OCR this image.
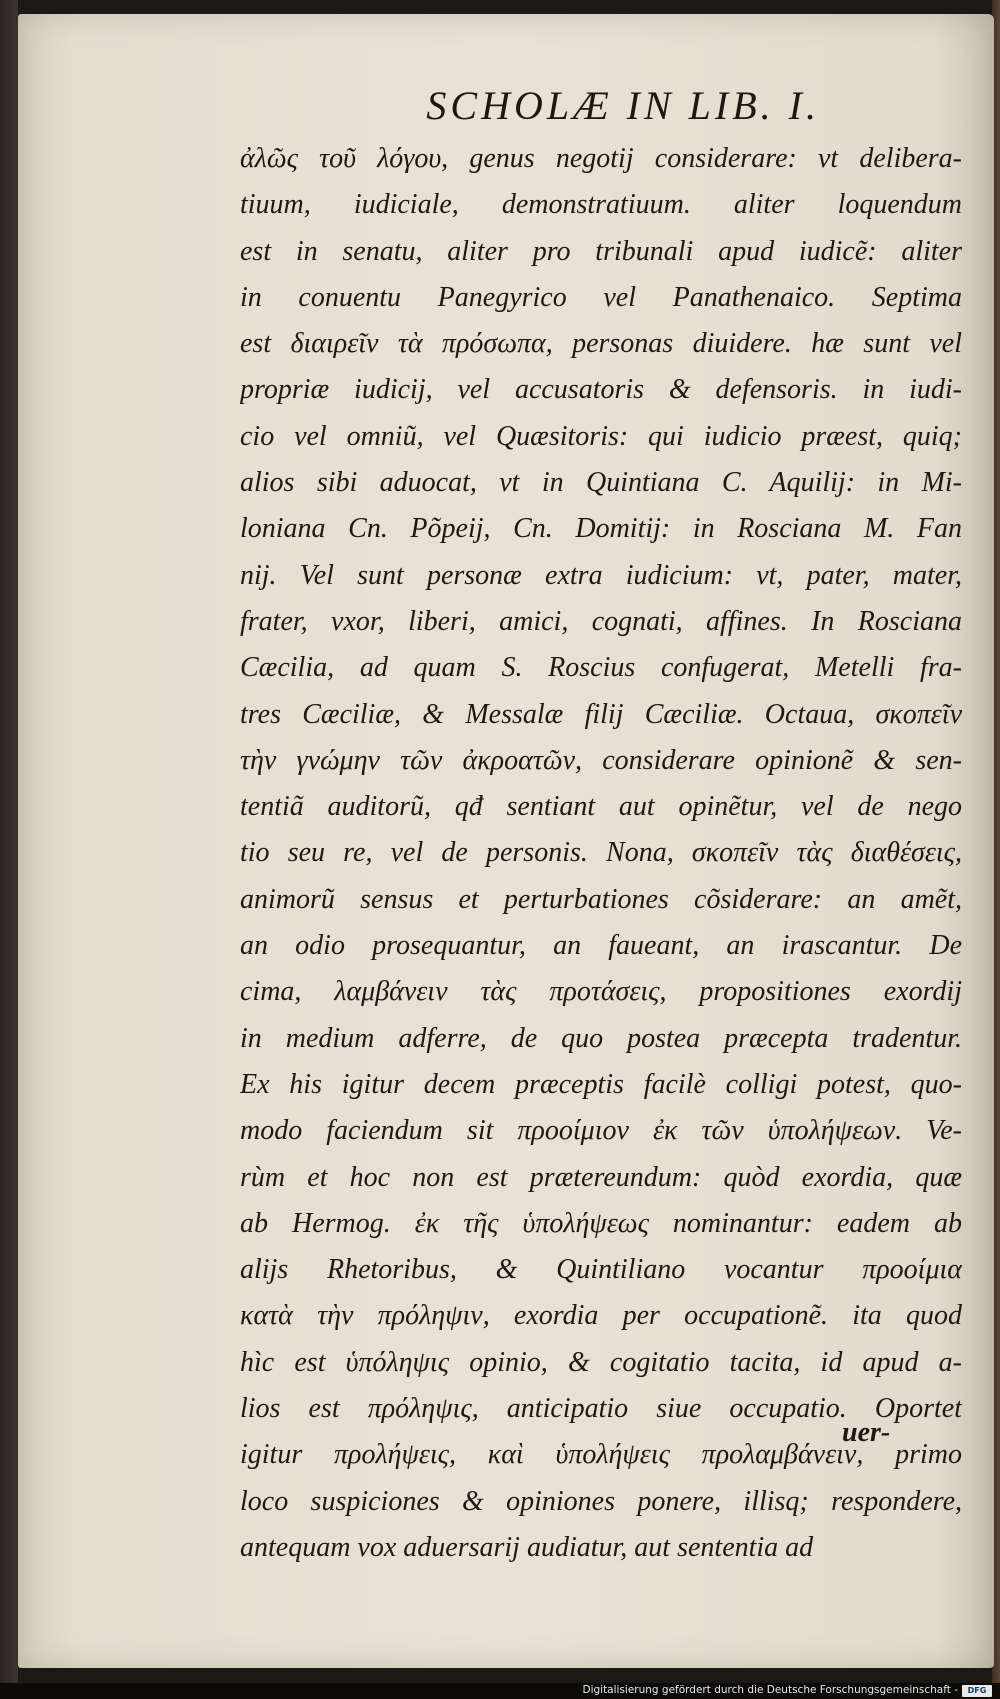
SCHOLÆ IN LIB. I.
ἀλῶς τοῦ λόγου, genus negotij considerare: vt delibera-
tiuum, iudiciale, demonstratiuum. aliter loquendum
est in senatu, aliter pro tribunali apud iudicẽ: aliter
in conuentu Panegyrico vel Panathenaico. Septima
est διαιρεῖν τὰ πρόσωπα, personas diuidere. hæ sunt vel
propriæ iudicij, vel accusatoris & defensoris. in iudi-
cio vel omniũ, vel Quæsitoris: qui iudicio præest, quiq;
alios sibi aduocat, vt in Quintiana C. Aquilij: in Mi-
loniana Cn. Põpeij, Cn. Domitij: in Rosciana M. Fan
nij. Vel sunt personæ extra iudicium: vt, pater, mater,
frater, vxor, liberi, amici, cognati, affines. In Rosciana
Cæcilia, ad quam S. Roscius confugerat, Metelli fra-
tres Cæciliæ, & Messalæ filij Cæciliæ. Octaua, σκοπεῖν
τὴν γνώμην τῶν ἀκροατῶν, considerare opinionẽ & sen-
tentiã auditorũ, qđ sentiant aut opinẽtur, vel de nego
tio seu re, vel de personis. Nona, σκοπεῖν τὰς διαθέσεις,
animorũ sensus et perturbationes cõsiderare: an amẽt,
an odio prosequantur, an faueant, an irascantur. De
cima, λαμβάνειν τὰς προτάσεις, propositiones exordij
in medium adferre, de quo postea præcepta tradentur.
Ex his igitur decem præceptis facilè colligi potest, quo-
modo faciendum sit προοίμιον ἐκ τῶν ὑπολήψεων. Ve-
rùm et hoc non est prætereundum: quòd exordia, quæ
ab Hermog. ἐκ τῆς ὑπολήψεως nominantur: eadem ab
alijs Rhetoribus, & Quintiliano vocantur προοίμια
κατὰ τὴν πρόληψιν, exordia per occupationẽ. ita quod
hìc est ὑπόληψις opinio, & cogitatio tacita, id apud a-
lios est πρόληψις, anticipatio siue occupatio. Oportet
igitur προλήψεις, καὶ ὑπολήψεις προλαμβάνειν, primo
loco suspiciones & opiniones ponere, illisq; respondere,
antequam vox aduersarij audiatur, aut sententia ad
uer-
Digitalisierung gefördert durch die Deutsche Forschungsgemeinschaft -	DFG
